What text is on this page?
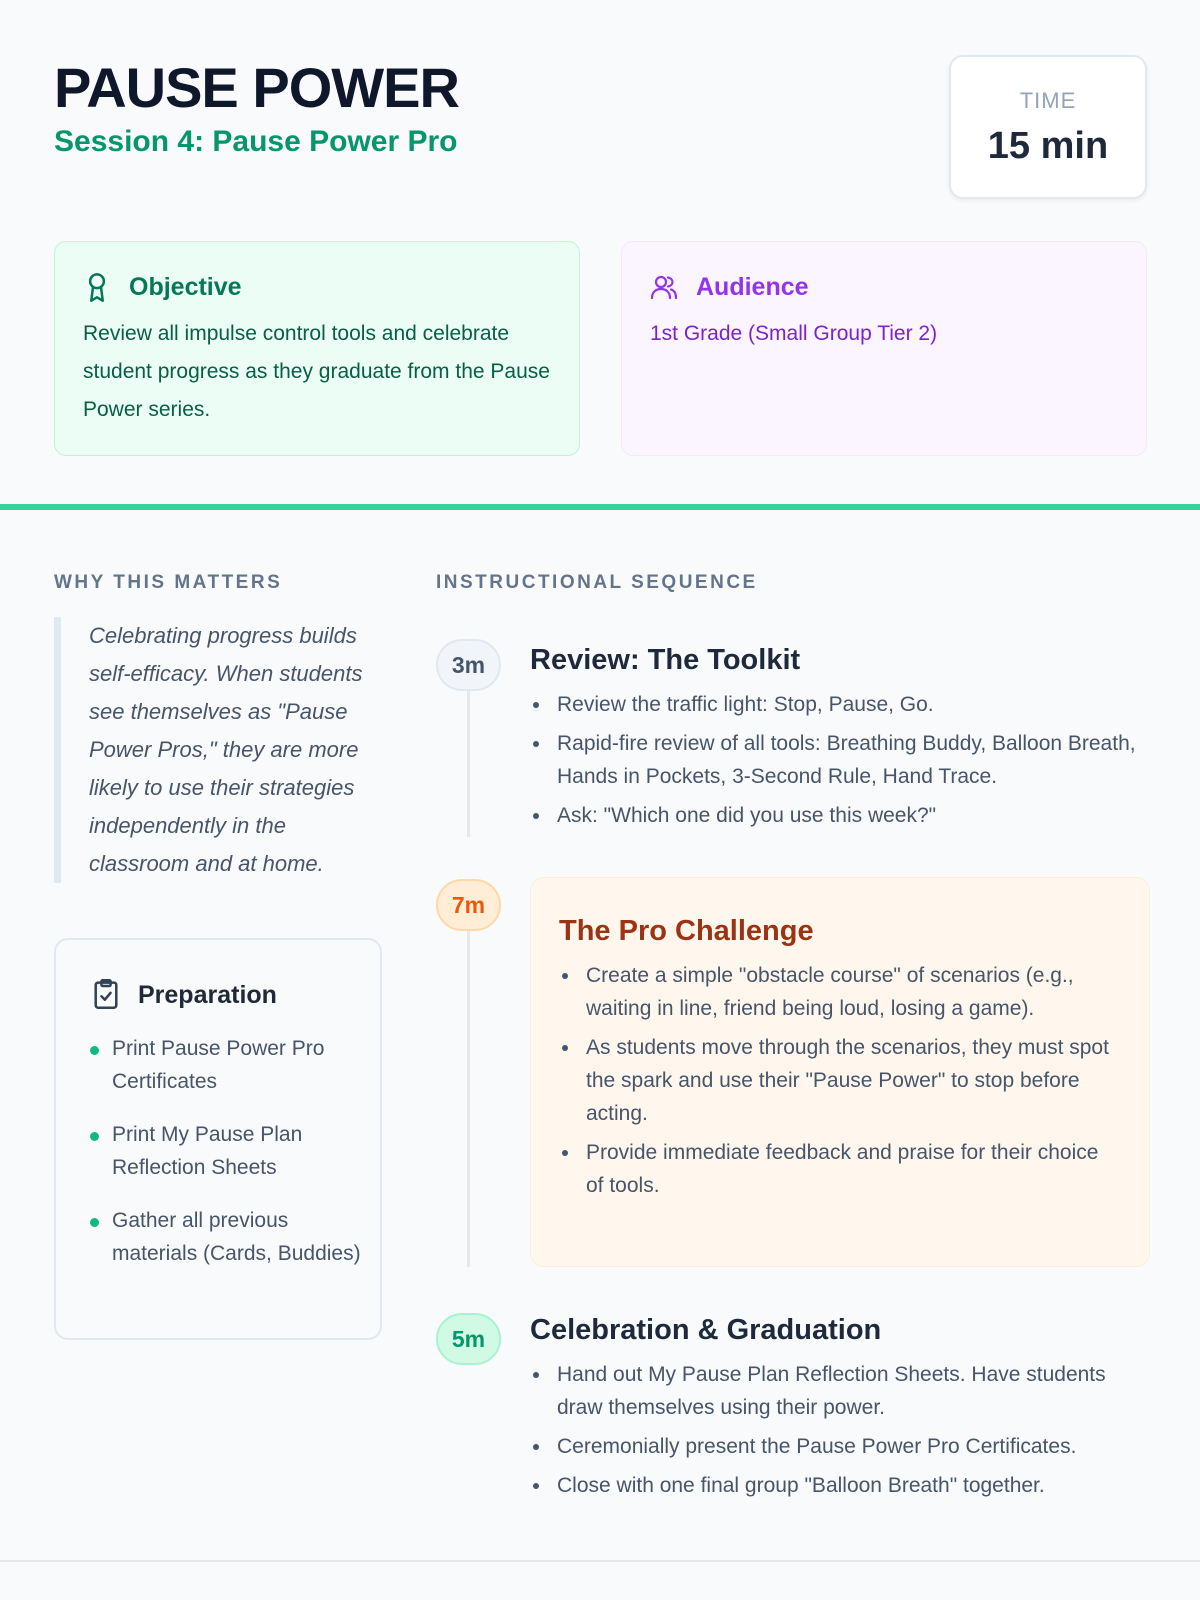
PAUSE POWER
Session 4: Pause Power Pro
TIME
15 min
Objective
Review all impulse control tools and celebrate student progress as they graduate from the Pause Power series.
Audience
1st Grade (Small Group Tier 2)
WHY THIS MATTERS

Celebrating progress builds self-efficacy. When students see themselves as "Pause Power Pros," they are more likely to use their strategies independently in the classroom and at home.

Preparation
Print Pause Power Pro Certificates
Print My Pause Plan Reflection Sheets
Gather all previous materials (Cards, Buddies)
INSTRUCTIONAL SEQUENCE
3m	Review: The Toolkit
Review the traffic light: Stop, Pause, Go.
Rapid-fire review of all tools: Breathing Buddy, Balloon Breath, Hands in Pockets, 3-Second Rule, Hand Trace.
Ask: "Which one did you use this week?"
7m
The Pro Challenge
Create a simple "obstacle course" of scenarios (e.g., waiting in line, friend being loud, losing a game).
As students move through the scenarios, they must spot the spark and use their "Pause Power" to stop before acting.
Provide immediate feedback and praise for their choice of tools.
5m	Celebration & Graduation
Hand out My Pause Plan Reflection Sheets. Have students draw themselves using their power.
Ceremonially present the Pause Power Pro Certificates.
Close with one final group "Balloon Breath" together.
